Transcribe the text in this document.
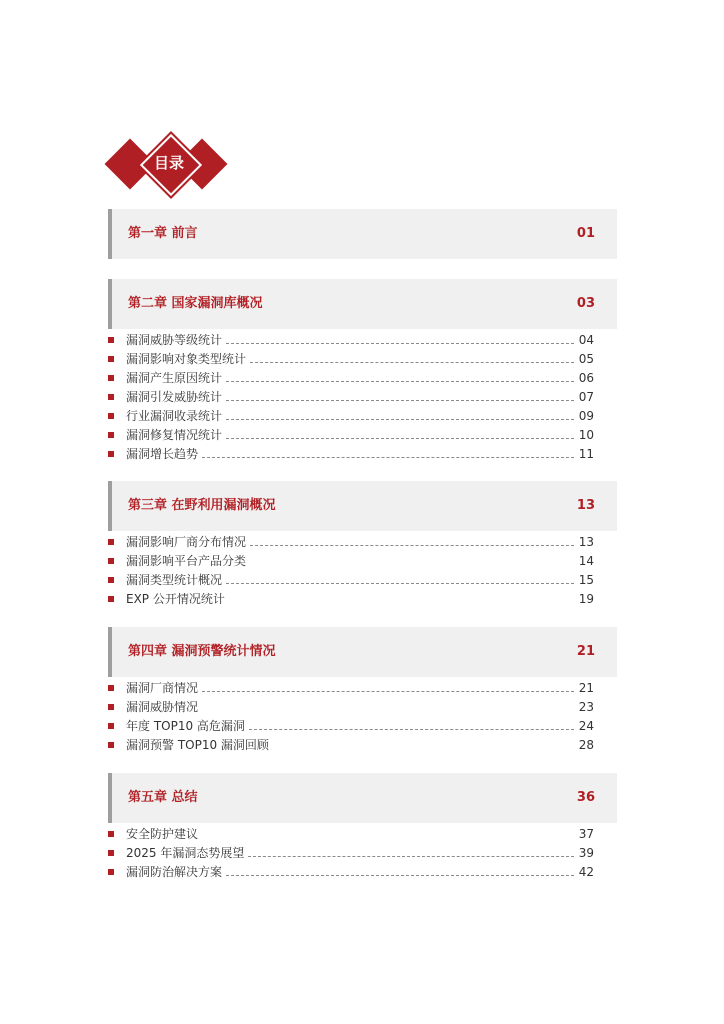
目录
第一章 前言	01
第二章 国家漏洞库概况	03
漏洞威胁等级统计	04
漏洞影响对象类型统计	05
漏洞产生原因统计	06
漏洞引发威胁统计	07
行业漏洞收录统计	09
漏洞修复情况统计	10
漏洞增长趋势	11
第三章 在野利用漏洞概况	13
漏洞影响厂商分布情况	13
漏洞影响平台产品分类	14
漏洞类型统计概况	15
EXP 公开情况统计	19
第四章 漏洞预警统计情况	21
漏洞厂商情况	21
漏洞威胁情况	23
年度 TOP10 高危漏洞	24
漏洞预警 TOP10 漏洞回顾	28
第五章 总结	36
安全防护建议	37
2025 年漏洞态势展望	39
漏洞防治解决方案	42
